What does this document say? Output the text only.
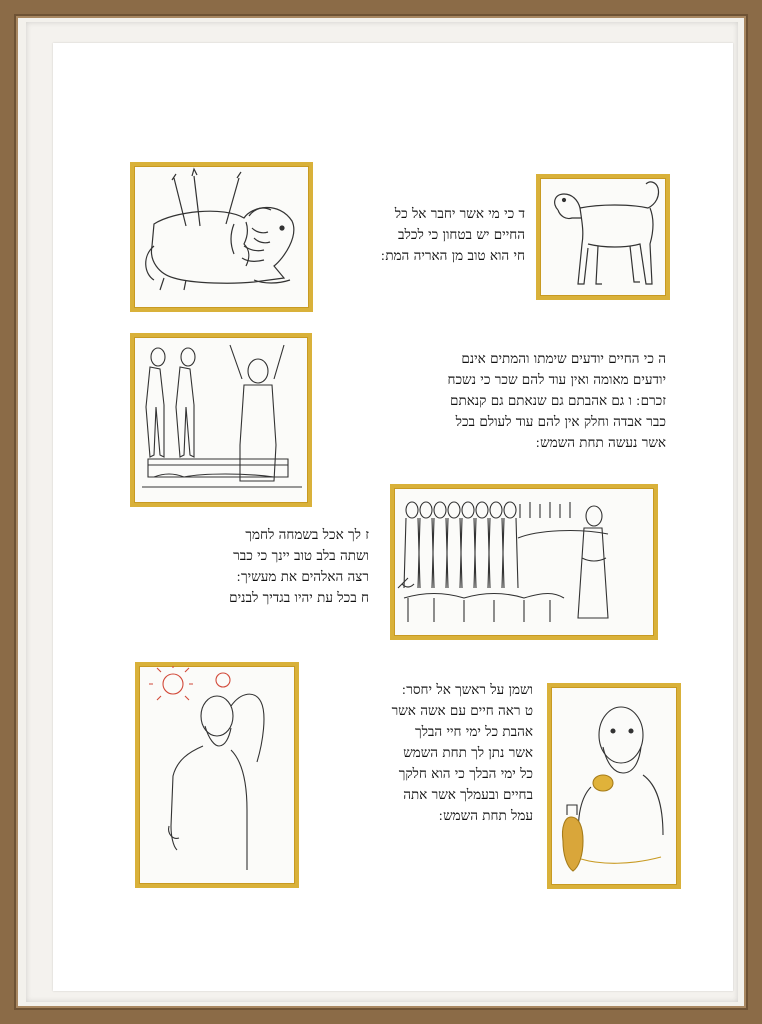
ד כי מי אשר יחבר אל כל
החיים יש בטחון כי לכלב
חי הוא טוב מן האריה המת ׃
ה כי החיים יודעים שימתו והמתים אינם
יודעים מאומה ואין עוד להם שכר כי נשכח
זכרם ׃ ו גם אהבתם גם שנאתם גם קנאתם
כבר אבדה וחלק אין להם עוד לעולם בכל
אשר נעשה תחת השמש ׃
ז לך אכל בשמחה לחמך
ושתה בלב טוב יינך כי כבר
רצה האלהים את מעשיך ׃
ח בכל עת יהיו בגדיך לבנים
ושמן על ראשך אל יחסר ׃
ט ראה חיים עם אשה אשר
אהבת כל ימי חיי הבלך
אשר נתן לך תחת השמש
כל ימי הבלך כי הוא חלקך
בחיים ובעמלך אשר אתה
עמל תחת השמש ׃
